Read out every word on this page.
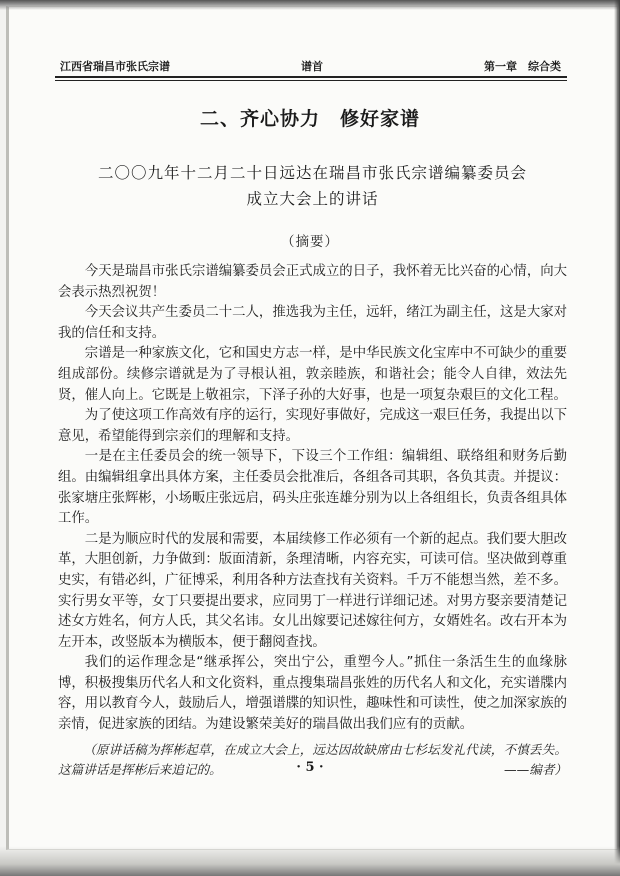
江西省瑞昌市张氏宗谱	谱首	第一章　综合类
二、齐心协力　修好家谱
二〇〇九年十二月二十日远达在瑞昌市张氏宗谱编纂委员会
成立大会上的讲话
（摘要）

今天是瑞昌市张氏宗谱编纂委员会正式成立的日子，我怀着无比兴奋的心情，向大会表示热烈祝贺！

今天会议共产生委员二十二人，推选我为主任，远轩，绪江为副主任，这是大家对我的信任和支持。

宗谱是一种家族文化，它和国史方志一样，是中华民族文化宝库中不可缺少的重要组成部份。续修宗谱就是为了寻根认祖，敦亲睦族，和谐社会；能令人自律，效法先贤，催人向上。它既是上敬祖宗，下泽子孙的大好事，也是一项复杂艰巨的文化工程。

为了使这项工作高效有序的运行，实现好事做好，完成这一艰巨任务，我提出以下意见，希望能得到宗亲们的理解和支持。

一是在主任委员会的统一领导下，下设三个工作组：编辑组、联络组和财务后勤组。由编辑组拿出具体方案，主任委员会批准后，各组各司其职，各负其责。并提议：张家塘庄张辉彬，小场畈庄张远启，码头庄张连雄分别为以上各组组长，负责各组具体工作。

二是为顺应时代的发展和需要，本届续修工作必须有一个新的起点。我们要大胆改革，大胆创新，力争做到：版面清新，条理清晰，内容充实，可读可信。坚决做到尊重史实，有错必纠，广征博采，利用各种方法查找有关资料。千万不能想当然，差不多。实行男女平等，女丁只要提出要求，应同男丁一样进行详细记述。对男方娶亲要清楚记述女方姓名，何方人氏，其父名讳。女儿出嫁要记述嫁往何方，女婿姓名。改右开本为左开本，改竖版本为横版本，便于翻阅查找。

我们的运作理念是“继承挥公，突出宁公，重塑今人。”抓住一条活生生的血缘脉博，积极搜集历代名人和文化资料，重点搜集瑞昌张姓的历代名人和文化，充实谱牒内容，用以教育今人，鼓励后人，增强谱牒的知识性，趣味性和可读性，使之加深家族的亲情，促进家族的团结。为建设繁荣美好的瑞昌做出我们应有的贡献。

（原讲话稿为挥彬起草，在成立大会上，远达因故缺席由七杉坛发礼代读，不慎丢失。这篇讲话是挥彬后来追记的。	——编者）

· 5 ·
